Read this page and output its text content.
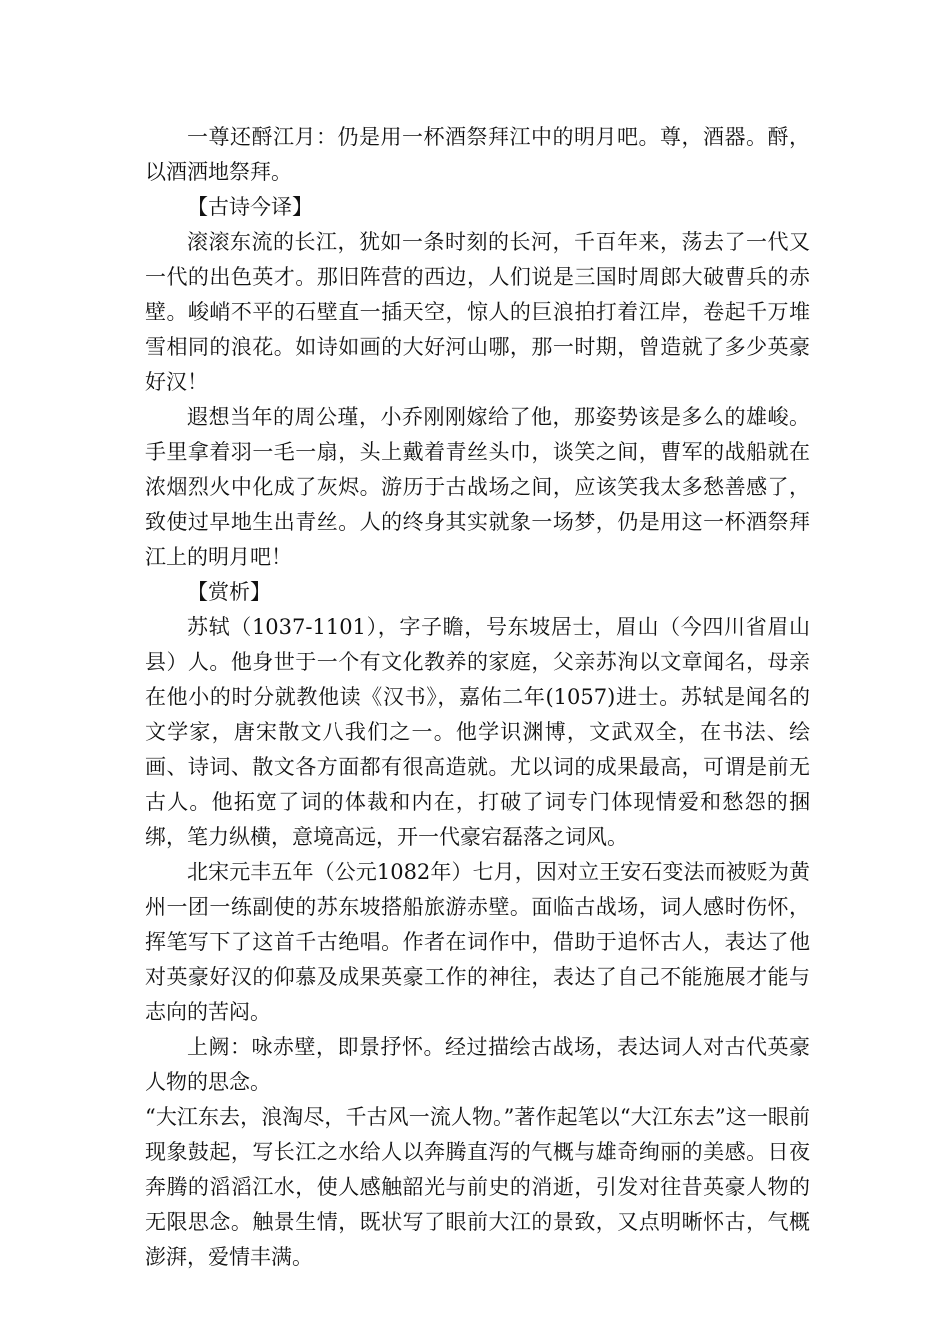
一尊还酹江月：仍是用一杯酒祭拜江中的明月吧。尊，酒器。酹，以酒洒地祭拜。

【古诗今译】

滚滚东流的长江，犹如一条时刻的长河，千百年来，荡去了一代又一代的出色英才。那旧阵营的西边，人们说是三国时周郎大破曹兵的赤壁。峻峭不平的石壁直一插天空，惊人的巨浪拍打着江岸，卷起千万堆雪相同的浪花。如诗如画的大好河山哪，那一时期，曾造就了多少英豪好汉！

遐想当年的周公瑾，小乔刚刚嫁给了他，那姿势该是多么的雄峻。手里拿着羽一毛一扇，头上戴着青丝头巾，谈笑之间，曹军的战船就在浓烟烈火中化成了灰烬。游历于古战场之间，应该笑我太多愁善感了，致使过早地生出青丝。人的终身其实就象一场梦，仍是用这一杯酒祭拜江上的明月吧！

【赏析】

苏轼（1037-1101），字子瞻，号东坡居士，眉山（今四川省眉山县）人。他身世于一个有文化教养的家庭，父亲苏洵以文章闻名，母亲在他小的时分就教他读《汉书》，嘉佑二年(1057)进士。苏轼是闻名的文学家，唐宋散文八我们之一。他学识渊博，文武双全，在书法、绘画、诗词、散文各方面都有很高造就。尤以词的成果最高，可谓是前无古人。他拓宽了词的体裁和内在，打破了词专门体现情爱和愁怨的捆绑，笔力纵横，意境高远，开一代豪宕磊落之词风。

北宋元丰五年（公元1082年）七月，因对立王安石变法而被贬为黄州一团一练副使的苏东坡搭船旅游赤壁。面临古战场，词人感时伤怀，挥笔写下了这首千古绝唱。作者在词作中，借助于追怀古人，表达了他对英豪好汉的仰慕及成果英豪工作的神往，表达了自己不能施展才能与志向的苦闷。

上阙：咏赤壁，即景抒怀。经过描绘古战场，表达词人对古代英豪人物的思念。

“大江东去，浪淘尽，千古风一流人物。”著作起笔以“大江东去”这一眼前现象鼓起，写长江之水给人以奔腾直泻的气概与雄奇绚丽的美感。日夜奔腾的滔滔江水，使人感触韶光与前史的消逝，引发对往昔英豪人物的无限思念。触景生情，既状写了眼前大江的景致，又点明晰怀古，气概澎湃，爱情丰满。
